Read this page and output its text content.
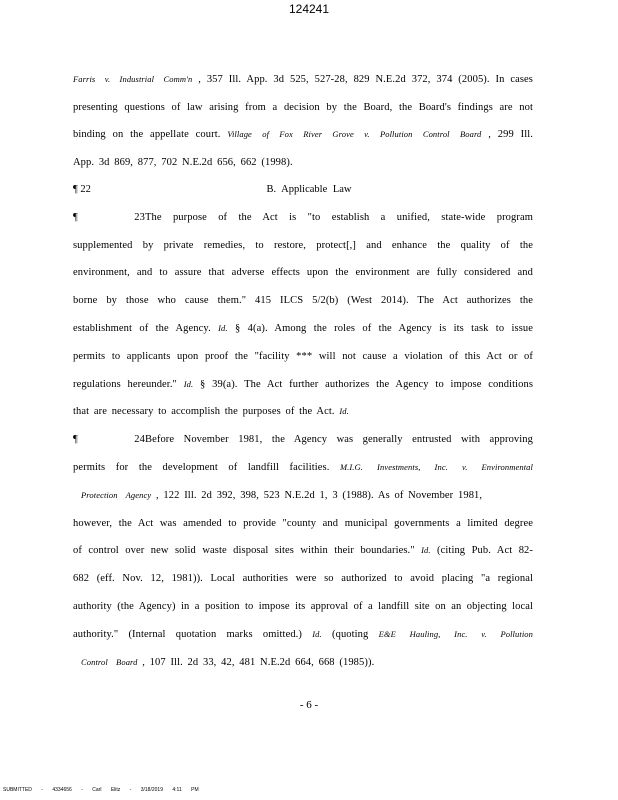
124241
Farris v. Industrial Comm'n , 357 Ill. App. 3d 525, 527-28, 829 N.E.2d 372, 374 (2005). In cases
presenting questions of law arising from a decision by the Board, the Board's findings are not
binding on the appellate court. Village of Fox River Grove v. Pollution Control Board , 299 Ill.
App. 3d 869, 877, 702 N.E.2d 656, 662 (1998).
¶ 22	B. Applicable Law
¶ 23The purpose of the Act is "to establish a unified, state-wide program
supplemented by private remedies, to restore, protect[,] and enhance the quality of the
environment, and to assure that adverse effects upon the environment are fully considered and
borne by those who cause them." 415 ILCS 5/2(b) (West 2014). The Act authorizes the
establishment of the Agency. Id. § 4(a). Among the roles of the Agency is its task to issue
permits to applicants upon proof the "facility *** will not cause a violation of this Act or of
regulations hereunder." Id. § 39(a). The Act further authorizes the Agency to impose conditions
that are necessary to accomplish the purposes of the Act. Id.
¶ 24Before November 1981, the Agency was generally entrusted with approving
permits for the development of landfill facilities. M.I.G. Investments, Inc. v. Environmental
Protection Agency , 122 Ill. 2d 392, 398, 523 N.E.2d 1, 3 (1988). As of November 1981,
however, the Act was amended to provide "county and municipal governments a limited degree
of control over new solid waste disposal sites within their boundaries." Id. (citing Pub. Act 82-
682 (eff. Nov. 12, 1981)). Local authorities were so authorized to avoid placing "a regional
authority (the Agency) in a position to impose its approval of a landfill site on an objecting local
authority." (Internal quotation marks omitted.) Id. (quoting E&E Hauling, Inc. v. Pollution
Control Board , 107 Ill. 2d 33, 42, 481 N.E.2d 664, 668 (1985)).
- 6 -
SUBMITTED - 4334656 - Carl Elitz - 3/18/2019 4:11 PM
